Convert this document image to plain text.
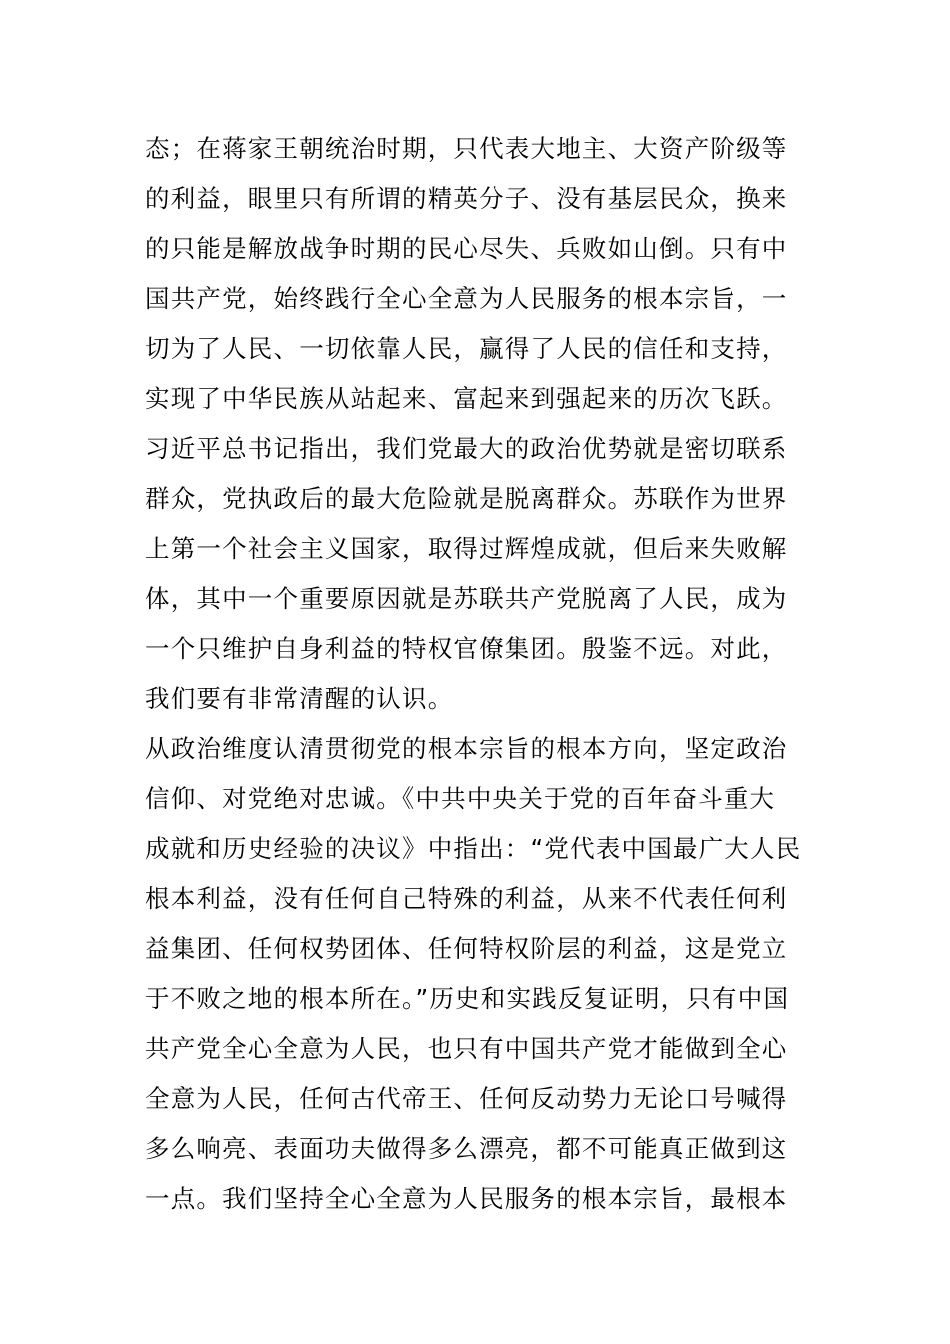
态；在蒋家王朝统治时期，只代表大地主、大资产阶级等
的利益，眼里只有所谓的精英分子、没有基层民众，换来
的只能是解放战争时期的民心尽失、兵败如山倒。只有中
国共产党，始终践行全心全意为人民服务的根本宗旨，一
切为了人民、一切依靠人民，赢得了人民的信任和支持，
实现了中华民族从站起来、富起来到强起来的历次飞跃。
习近平总书记指出，我们党最大的政治优势就是密切联系
群众，党执政后的最大危险就是脱离群众。苏联作为世界
上第一个社会主义国家，取得过辉煌成就，但后来失败解
体，其中一个重要原因就是苏联共产党脱离了人民，成为
一个只维护自身利益的特权官僚集团。殷鉴不远。对此，
我们要有非常清醒的认识。
从政治维度认清贯彻党的根本宗旨的根本方向，坚定政治
信仰、对党绝对忠诚。《中共中央关于党的百年奋斗重大
成就和历史经验的决议》中指出：“党代表中国最广大人民
根本利益，没有任何自己特殊的利益，从来不代表任何利
益集团、任何权势团体、任何特权阶层的利益，这是党立
于不败之地的根本所在。”历史和实践反复证明，只有中国
共产党全心全意为人民，也只有中国共产党才能做到全心
全意为人民，任何古代帝王、任何反动势力无论口号喊得
多么响亮、表面功夫做得多么漂亮，都不可能真正做到这
一点。我们坚持全心全意为人民服务的根本宗旨，最根本
